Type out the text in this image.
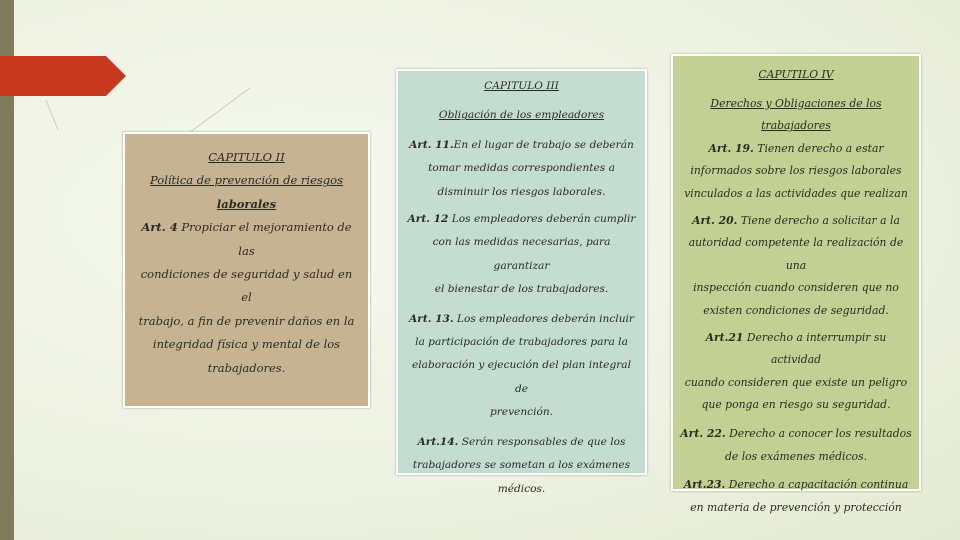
CAPITULO II

Política de prevención de riesgos

laborales

Art. 4 Propiciar el mejoramiento de las

condiciones de seguridad y salud en el

trabajo, a fin de prevenir daños en la

integridad física y mental de los

trabajadores.

CAPITULO III

Obligación de los empleadores

Art. 11.En el lugar de trabajo se deberán

tomar medidas correspondientes a

disminuir los riesgos laborales.

Art. 12 Los empleadores deberán cumplir

con las medidas necesarias, para garantizar

el bienestar de los trabajadores.

Art. 13. Los empleadores deberán incluir

la participación de trabajadores para la

elaboración y ejecución del plan integral de

prevención.

Art.14. Serán responsables de que los

trabajadores se sometan a los exámenes

médicos.

CAPUTILO IV

Derechos y Obligaciones de los

trabajadores

Art. 19. Tienen derecho a estar

informados sobre los riesgos laborales

vinculados a las actividades que realizan

Art. 20. Tiene derecho a solicitar a la

autoridad competente la realización de una

inspección cuando consideren que no

existen condiciones de seguridad.

Art.21 Derecho a interrumpir su actividad

cuando consideren que existe un peligro

que ponga en riesgo su seguridad.

Art. 22. Derecho a conocer los resultados

de los exámenes médicos.

Art.23. Derecho a capacitación continua

en materia de prevención y protección
